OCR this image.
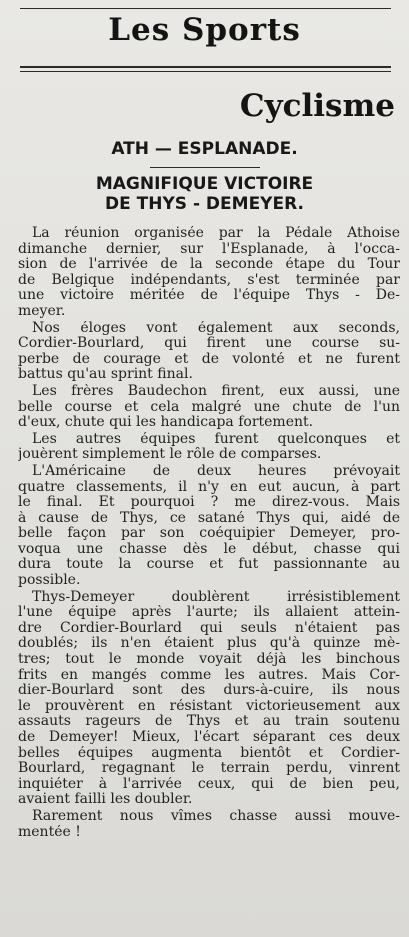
Les Sports
Cyclisme
ATH — ESPLANADE.
MAGNIFIQUE VICTOIRE
DE THYS - DEMEYER.
La réunion organisée par la Pédale Athoise
dimanche dernier, sur l'Esplanade, à l'occa-
sion de l'arrivée de la seconde étape du Tour
de Belgique indépendants, s'est terminée par
une victoire méritée de l'équipe Thys - De-
meyer.
Nos éloges vont également aux seconds,
Cordier-Bourlard, qui firent une course su-
perbe de courage et de volonté et ne furent
battus qu'au sprint final.
Les frères Baudechon firent, eux aussi, une
belle course et cela malgré une chute de l'un
d'eux, chute qui les handicapa fortement.
Les autres équipes furent quelconques et
jouèrent simplement le rôle de comparses.
L'Américaine de deux heures prévoyait
quatre classements, il n'y en eut aucun, à part
le final. Et pourquoi ? me direz-vous. Mais
à cause de Thys, ce satané Thys qui, aidé de
belle façon par son coéquipier Demeyer, pro-
voqua une chasse dès le début, chasse qui
dura toute la course et fut passionnante au
possible.
Thys-Demeyer doublèrent irrésistiblement
l'une équipe après l'aurte; ils allaient attein-
dre Cordier-Bourlard qui seuls n'étaient pas
doublés; ils n'en étaient plus qu'à quinze mè-
tres; tout le monde voyait déjà les binchous
frits en mangés comme les autres. Mais Cor-
dier-Bourlard sont des durs-à-cuire, ils nous
le prouvèrent en résistant victorieusement aux
assauts rageurs de Thys et au train soutenu
de Demeyer! Mieux, l'écart séparant ces deux
belles équipes augmenta bientôt et Cordier-
Bourlard, regagnant le terrain perdu, vinrent
inquiéter à l'arrivée ceux, qui de bien peu,
avaient failli les doubler.
Rarement nous vîmes chasse aussi mouve-
mentée !
